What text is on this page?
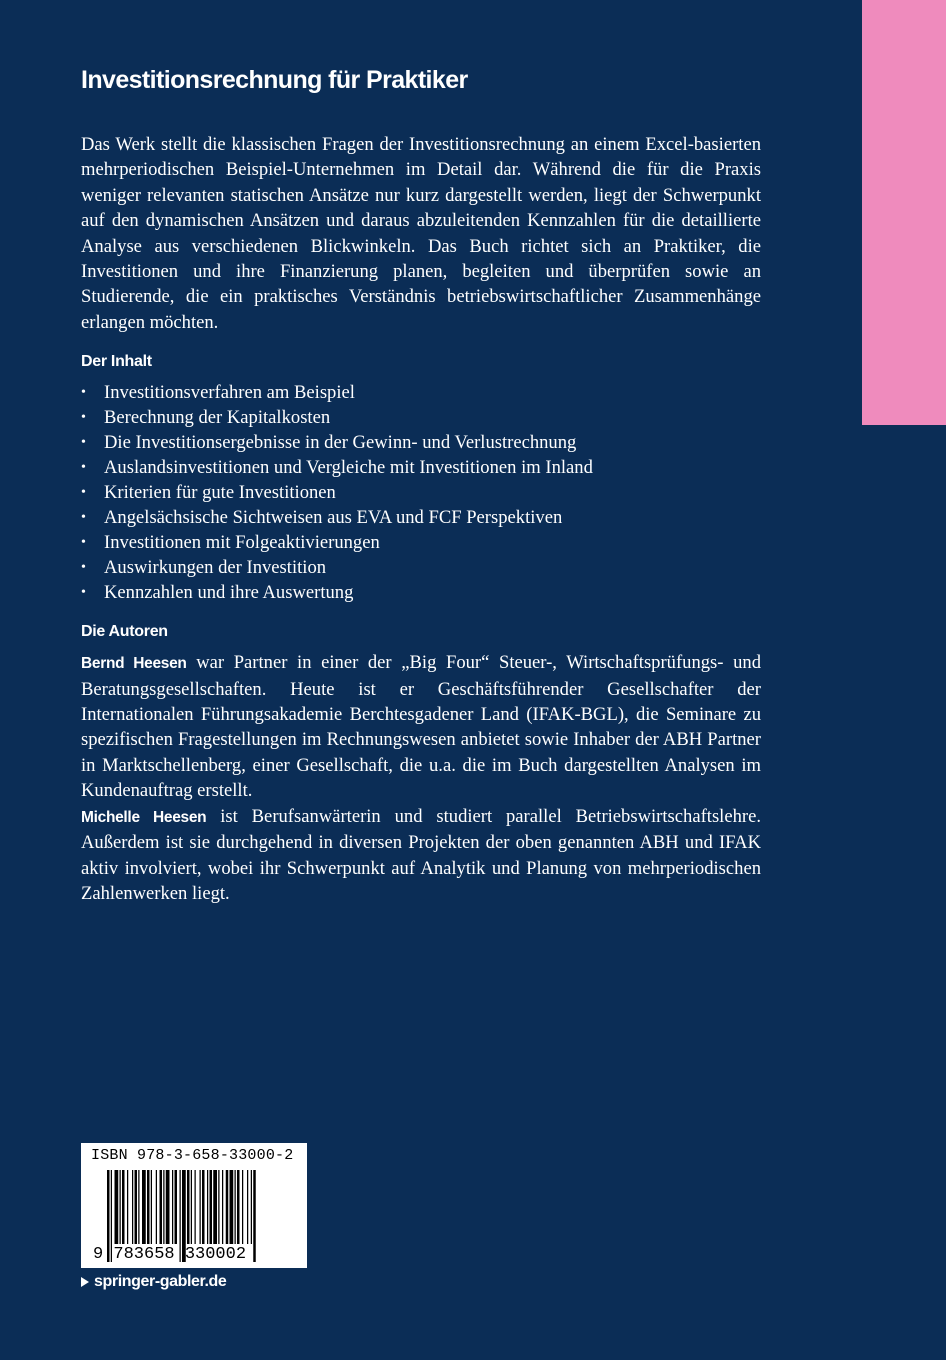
Investitionsrechnung für Praktiker

Das Werk stellt die klassischen Fragen der Investitionsrechnung an einem Excel-basierten mehrperiodischen Beispiel-Unternehmen im Detail dar. Während die für die Praxis weniger relevanten statischen Ansätze nur kurz dargestellt werden, liegt der Schwerpunkt auf den dynamischen Ansätzen und daraus abzuleitenden Kennzahlen für die detaillierte Analyse aus verschiedenen Blickwinkeln. Das Buch richtet sich an Praktiker, die Investitionen und ihre Finanzierung planen, begleiten und überprüfen sowie an Studierende, die ein praktisches Verständnis betriebswirtschaftlicher Zusammenhänge erlangen möchten.

Der Inhalt
• Investitionsverfahren am Beispiel
• Berechnung der Kapitalkosten
• Die Investitionsergebnisse in der Gewinn- und Verlustrechnung
• Auslandsinvestitionen und Vergleiche mit Investitionen im Inland
• Kriterien für gute Investitionen
• Angelsächsische Sichtweisen aus EVA und FCF Perspektiven
• Investitionen mit Folgeaktivierungen
• Auswirkungen der Investition
• Kennzahlen und ihre Auswertung
Die Autoren

Bernd Heesen war Partner in einer der „Big Four“ Steuer-, Wirtschaftsprüfungs- und Beratungsgesellschaften. Heute ist er Geschäftsführender Gesellschafter der Internationalen Führungsakademie Berchtesgadener Land (IFAK-BGL), die Seminare zu spezifischen Fragestellungen im Rechnungswesen anbietet sowie Inhaber der ABH Partner in Marktschellenberg, einer Gesellschaft, die u.a. die im Buch dargestellten Analysen im Kundenauftrag erstellt.

Michelle Heesen ist Berufsanwärterin und studiert parallel Betriebswirtschaftslehre. Außerdem ist sie durchgehend in diversen Projekten der oben genannten ABH und IFAK aktiv involviert, wobei ihr Schwerpunkt auf Analytik und Planung von mehrperiodischen Zahlenwerken liegt.

ISBN 978-3-658-33000-2
9 783658 330002
springer-gabler.de
